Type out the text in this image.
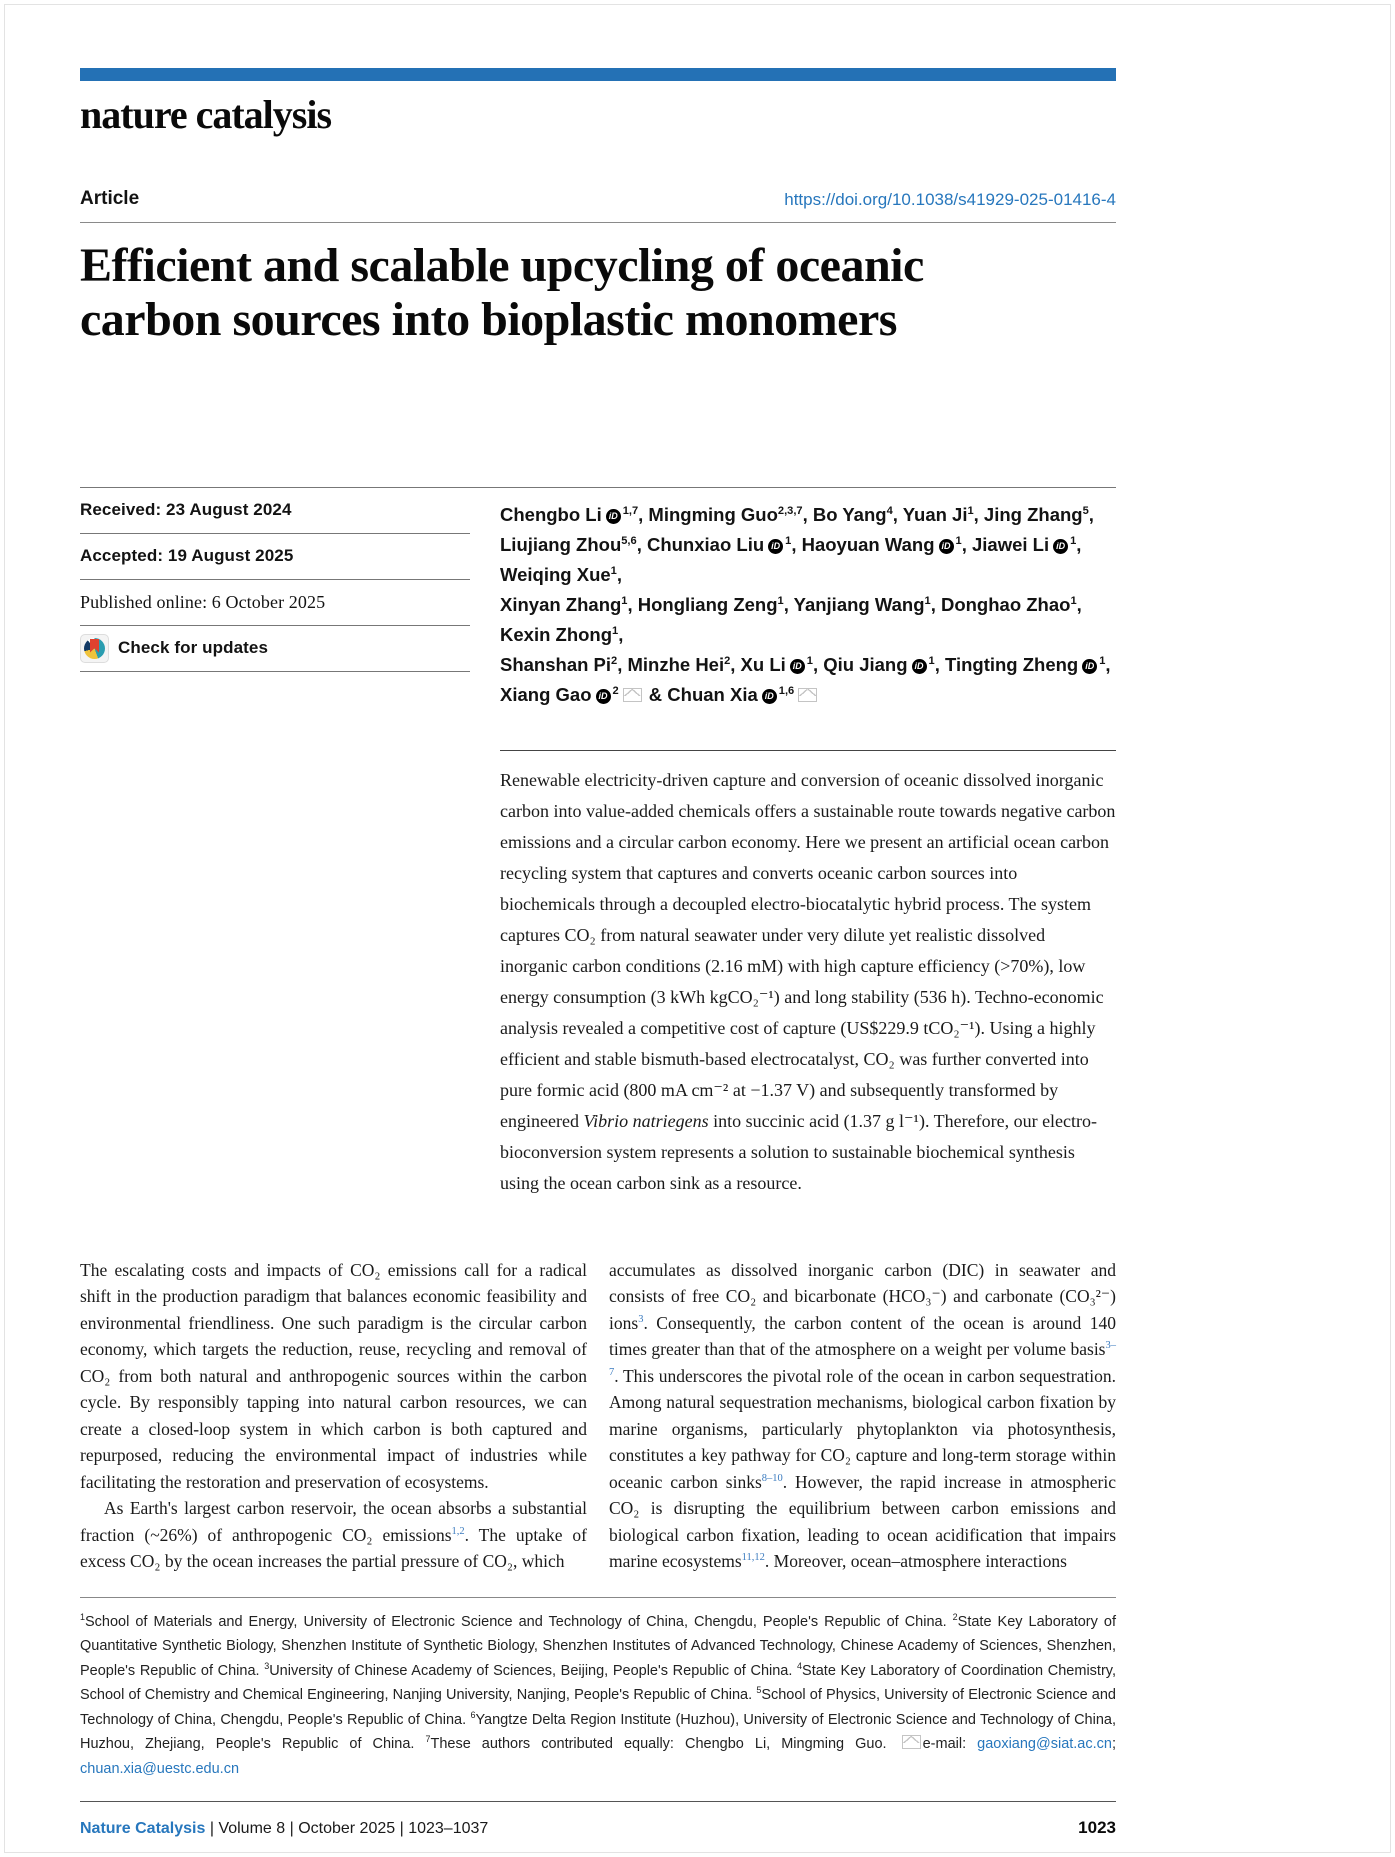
nature catalysis
Article	https://doi.org/10.1038/s41929-025-01416-4
Efficient and scalable upcycling of oceanic
carbon sources into bioplastic monomers
Received: 23 August 2024
Accepted: 19 August 2025
Published online: 6 October 2025
Check for updates
Chengbo Li iD $^{1,7}$, Mingming Guo$^{2,3,7}$, Bo Yang$^4$, Yuan Ji$^1$, Jing Zhang$^5$,
Liujiang Zhou$^{5,6}$, Chunxiao Liu iD $^1$, Haoyuan Wang iD $^1$, Jiawei Li iD $^1$, Weiqing Xue$^1$,
Xinyan Zhang$^1$, Hongliang Zeng$^1$, Yanjiang Wang$^1$, Donghao Zhao$^1$, Kexin Zhong$^1$,
Shanshan Pi$^2$, Minzhe Hei$^2$, Xu Li iD $^1$, Qiu Jiang iD $^1$, Tingting Zheng iD $^1$,
Xiang Gao iD $^2$ & Chuan Xia iD $^{1,6}$
Renewable electricity-driven capture and conversion of oceanic dissolved inorganic carbon into value-added chemicals offers a sustainable route towards negative carbon emissions and a circular carbon economy. Here we present an artificial ocean carbon recycling system that captures and converts oceanic carbon sources into biochemicals through a decoupled electro-biocatalytic hybrid process. The system captures CO₂ from natural seawater under very dilute yet realistic dissolved inorganic carbon conditions (2.16 mM) with high capture efficiency (>70%), low energy consumption (3 kWh kgCO₂⁻¹) and long stability (536 h). Techno-economic analysis revealed a competitive cost of capture (US$229.9 tCO₂⁻¹). Using a highly efficient and stable bismuth-based electrocatalyst, CO₂ was further converted into pure formic acid (800 mA cm⁻² at −1.37 V) and subsequently transformed by engineered Vibrio natriegens into succinic acid (1.37 g l⁻¹). Therefore, our electro-bioconversion system represents a solution to sustainable biochemical synthesis using the ocean carbon sink as a resource.
The escalating costs and impacts of CO₂ emissions call for a radical shift in the production paradigm that balances economic feasibility and environmental friendliness. One such paradigm is the circular carbon economy, which targets the reduction, reuse, recycling and removal of CO₂ from both natural and anthropogenic sources within the carbon cycle. By responsibly tapping into natural carbon resources, we can create a closed-loop system in which carbon is both captured and repurposed, reducing the environmental impact of industries while facilitating the restoration and preservation of ecosystems.
As Earth's largest carbon reservoir, the ocean absorbs a substantial fraction (~26%) of anthropogenic CO₂ emissions$^{1,2}$. The uptake of excess CO₂ by the ocean increases the partial pressure of CO₂, which
accumulates as dissolved inorganic carbon (DIC) in seawater and consists of free CO₂ and bicarbonate (HCO₃⁻) and carbonate (CO₃²⁻) ions$^3$. Consequently, the carbon content of the ocean is around 140 times greater than that of the atmosphere on a weight per volume basis$^{3-7}$. This underscores the pivotal role of the ocean in carbon sequestration. Among natural sequestration mechanisms, biological carbon fixation by marine organisms, particularly phytoplankton via photosynthesis, constitutes a key pathway for CO₂ capture and long-term storage within oceanic carbon sinks$^{8-10}$. However, the rapid increase in atmospheric CO₂ is disrupting the equilibrium between carbon emissions and biological carbon fixation, leading to ocean acidification that impairs marine ecosystems$^{11,12}$. Moreover, ocean–atmosphere interactions
$^1$School of Materials and Energy, University of Electronic Science and Technology of China, Chengdu, People's Republic of China. $^2$State Key Laboratory of Quantitative Synthetic Biology, Shenzhen Institute of Synthetic Biology, Shenzhen Institutes of Advanced Technology, Chinese Academy of Sciences, Shenzhen, People's Republic of China. $^3$University of Chinese Academy of Sciences, Beijing, People's Republic of China. $^4$State Key Laboratory of Coordination Chemistry, School of Chemistry and Chemical Engineering, Nanjing University, Nanjing, People's Republic of China. $^5$School of Physics, University of Electronic Science and Technology of China, Chengdu, People's Republic of China. $^6$Yangtze Delta Region Institute (Huzhou), University of Electronic Science and Technology of China, Huzhou, Zhejiang, People's Republic of China. $^7$These authors contributed equally: Chengbo Li, Mingming Guo. e-mail: gaoxiang@siat.ac.cn; chuan.xia@uestc.edu.cn
Nature Catalysis | Volume 8 | October 2025 | 1023–1037	1023
